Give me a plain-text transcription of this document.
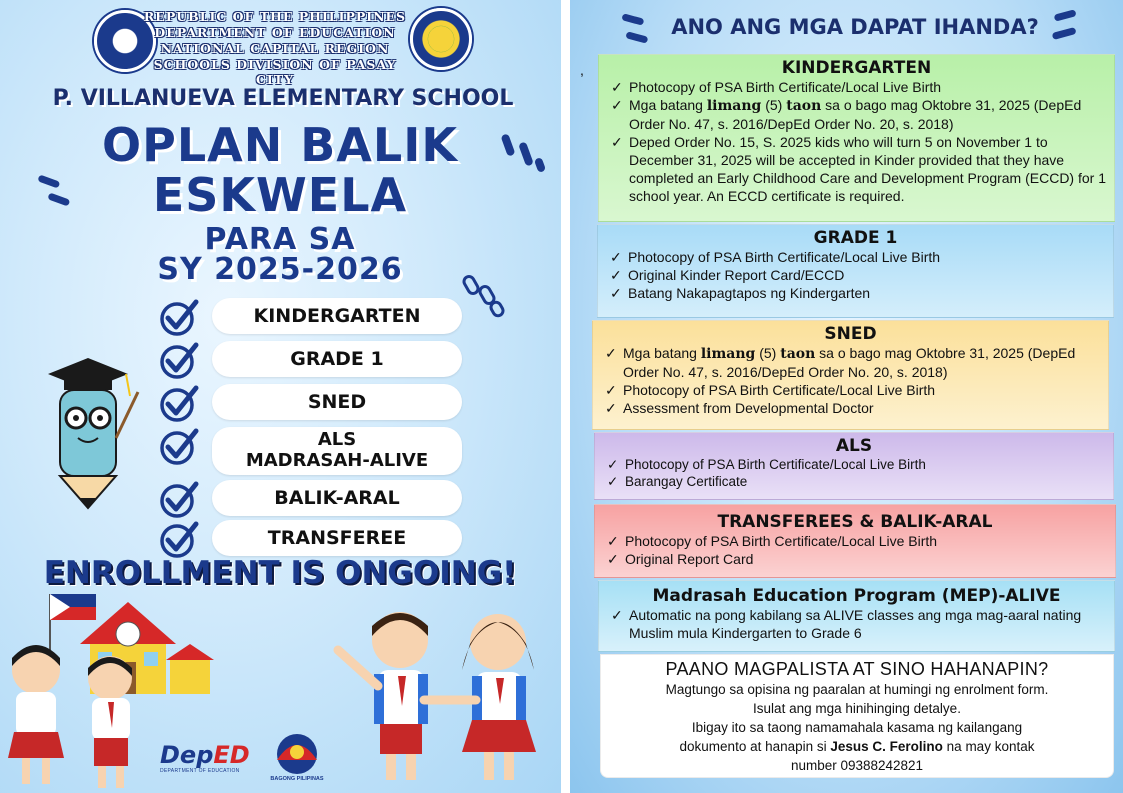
REPUBLIC OF THE PHILIPPINES
DEPARTMENT OF EDUCATION
NATIONAL CAPITAL REGION
SCHOOLS DIVISION OF PASAY CITY
P. VILLANUEVA ELEMENTARY SCHOOL
OPLAN BALIK
ESKWELA
PARA SA
SY 2025-2026
KINDERGARTEN
GRADE 1
SNED
ALS
MADRASAH-ALIVE
BALIK-ARAL
TRANSFEREE
ENROLLMENT IS ONGOING!
DepED
DEPARTMENT OF EDUCATION
BAGONG PILIPINAS
ANO ANG MGA DAPAT IHANDA?
,	KINDERGARTEN
✓ Photocopy of PSA Birth Certificate/Local Live Birth
✓ Mga batang limang (5) taon sa o bago mag Oktobre 31, 2025 (DepEd Order No. 47, s. 2016/DepEd Order No. 20, s. 2018)
✓ Deped Order No. 15, S. 2025 kids who will turn 5 on November 1 to December 31, 2025 will be accepted in Kinder provided that they have completed an Early Childhood Care and Development Program (ECCD) for 1 school year. An ECCD certificate is required.
GRADE 1
✓ Photocopy of PSA Birth Certificate/Local Live Birth
✓ Original Kinder Report Card/ECCD
✓ Batang Nakapagtapos ng Kindergarten
SNED
✓ Mga batang limang (5) taon sa o bago mag Oktobre 31, 2025 (DepEd Order No. 47, s. 2016/DepEd Order No. 20, s. 2018)
✓ Photocopy of PSA Birth Certificate/Local Live Birth
✓ Assessment from Developmental Doctor
ALS
✓ Photocopy of PSA Birth Certificate/Local Live Birth
✓ Barangay Certificate
TRANSFEREES & BALIK-ARAL
✓ Photocopy of PSA Birth Certificate/Local Live Birth
✓ Original Report Card
Madrasah Education Program (MEP)-ALIVE
✓ Automatic na pong kabilang sa ALIVE classes ang mga mag-aaral nating Muslim mula Kindergarten to Grade 6
PAANO MAGPALISTA AT SINO HAHANAPIN?

Magtungo sa opisina ng paaralan at humingi ng enrolment form.

Isulat ang mga hinihinging detalye.

Ibigay ito sa taong namamahala kasama ng kailangang

dokumento at hanapin si Jesus C. Ferolino na may kontak

number 09388242821
